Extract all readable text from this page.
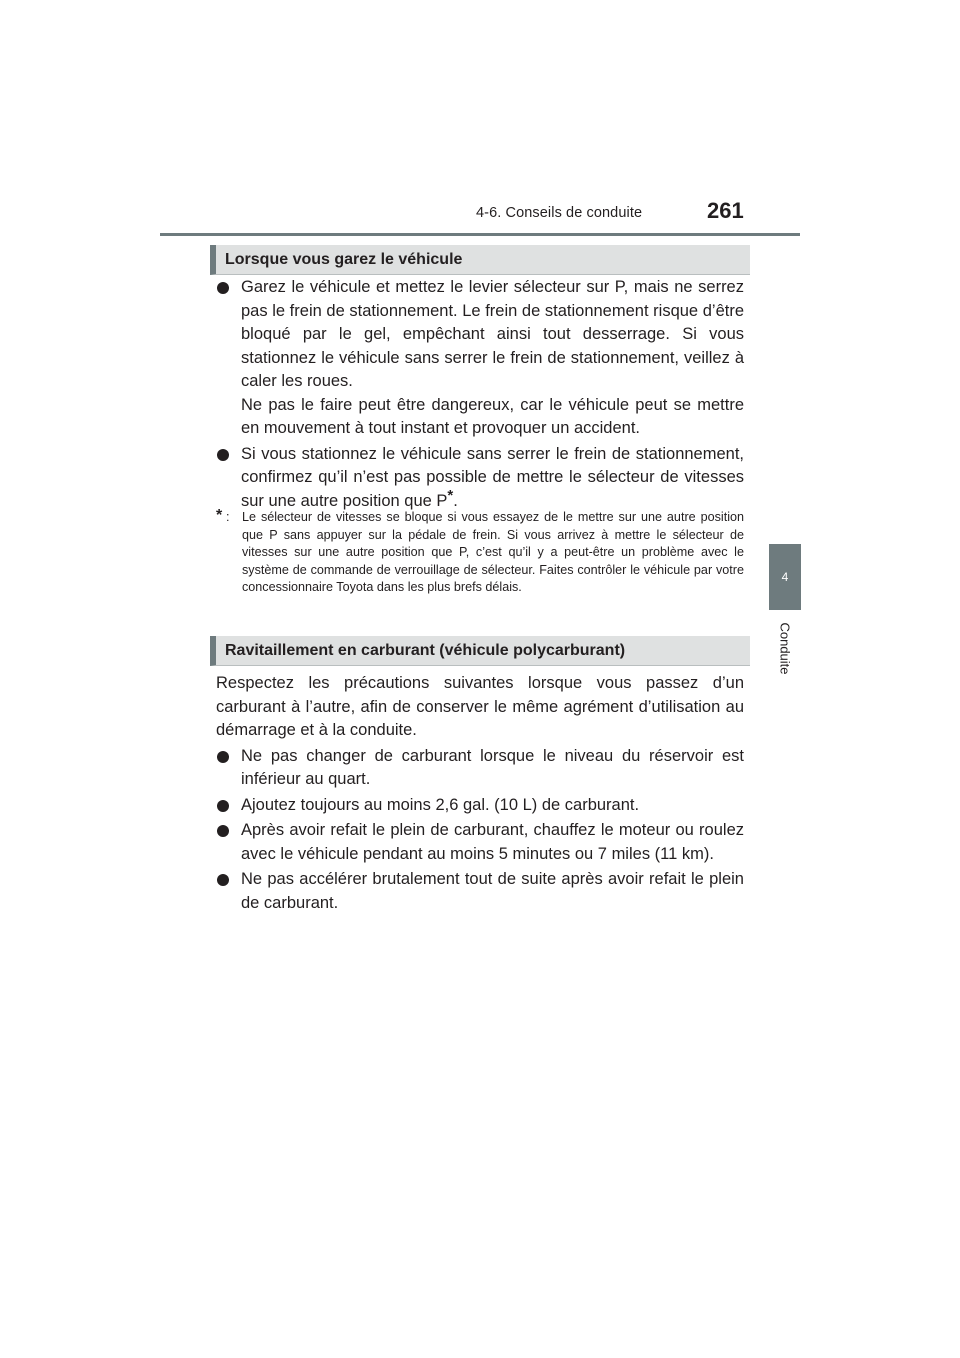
4-6. Conseils de conduite	261
4
Conduite
Lorsque vous garez le véhicule

Garez le véhicule et mettez le levier sélecteur sur P, mais ne serrez pas le frein de stationnement. Le frein de stationnement risque d’être bloqué par le gel, empêchant ainsi tout desserrage. Si vous stationnez le véhicule sans serrer le frein de stationnement, veillez à caler les roues.

Ne pas le faire peut être dangereux, car le véhicule peut se mettre en mouvement à tout instant et provoquer un accident.

Si vous stationnez le véhicule sans serrer le frein de stationnement, confirmez qu’il n’est pas possible de mettre le sélecteur de vitesses sur une autre position que P*.

* : Le sélecteur de vitesses se bloque si vous essayez de le mettre sur une autre position que P sans appuyer sur la pédale de frein. Si vous arrivez à mettre le sélecteur de vitesses sur une autre position que P, c’est qu’il y a peut-être un problème avec le système de commande de verrouillage de sélecteur. Faites contrôler le véhicule par votre concessionnaire Toyota dans les plus brefs délais.

Ravitaillement en carburant (véhicule polycarburant)

Respectez les précautions suivantes lorsque vous passez d’un carburant à l’autre, afin de conserver le même agrément d’utilisation au démarrage et à la conduite.

Ne pas changer de carburant lorsque le niveau du réservoir est inférieur au quart.

Ajoutez toujours au moins 2,6 gal. (10 L) de carburant.

Après avoir refait le plein de carburant, chauffez le moteur ou roulez avec le véhicule pendant au moins 5 minutes ou 7 miles (11 km).

Ne pas accélérer brutalement tout de suite après avoir refait le plein de carburant.
